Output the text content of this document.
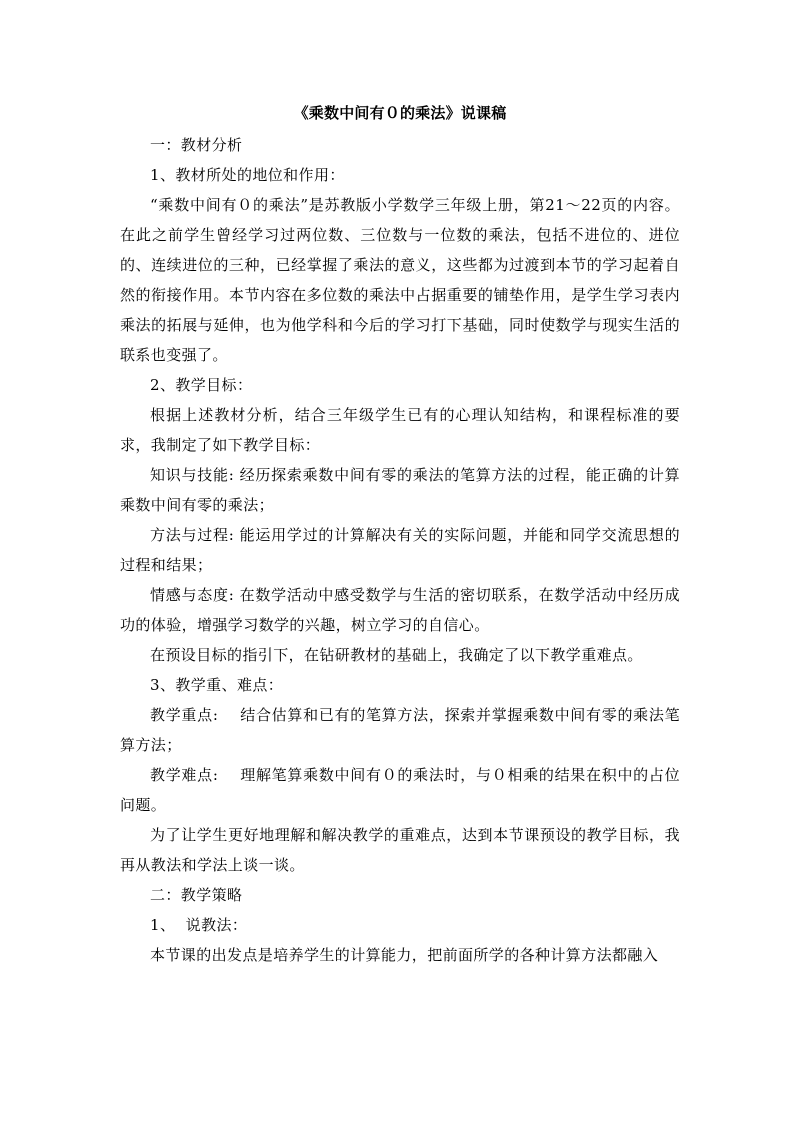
《乘数中间有０的乘法》说课稿

一：教材分析

1、教材所处的地位和作用：

“乘数中间有０的乘法”是苏教版小学数学三年级上册，第21～22页的内容。在此之前学生曾经学习过两位数、三位数与一位数的乘法，包括不进位的、进位的、连续进位的三种，已经掌握了乘法的意义，这些都为过渡到本节的学习起着自然的衔接作用。本节内容在多位数的乘法中占据重要的铺垫作用，是学生学习表内乘法的拓展与延伸，也为他学科和今后的学习打下基础，同时使数学与现实生活的联系也变强了。

2、教学目标：

根据上述教材分析，结合三年级学生已有的心理认知结构，和课程标准的要求，我制定了如下教学目标：

知识与技能: 经历探索乘数中间有零的乘法的笔算方法的过程，能正确的计算乘数中间有零的乘法；

方法与过程: 能运用学过的计算解决有关的实际问题，并能和同学交流思想的过程和结果；

情感与态度: 在数学活动中感受数学与生活的密切联系，在数学活动中经历成功的体验，增强学习数学的兴趣，树立学习的自信心。

在预设目标的指引下，在钻研教材的基础上，我确定了以下教学重难点。

3、教学重、难点：

教学重点:    结合估算和已有的笔算方法，探索并掌握乘数中间有零的乘法笔算方法；

教学难点:    理解笔算乘数中间有０的乘法时，与０相乘的结果在积中的占位问题。

为了让学生更好地理解和解决教学的重难点，达到本节课预设的教学目标，我再从教法和学法上谈一谈。

二：教学策略

1、  说教法：

本节课的出发点是培养学生的计算能力，把前面所学的各种计算方法都融入
